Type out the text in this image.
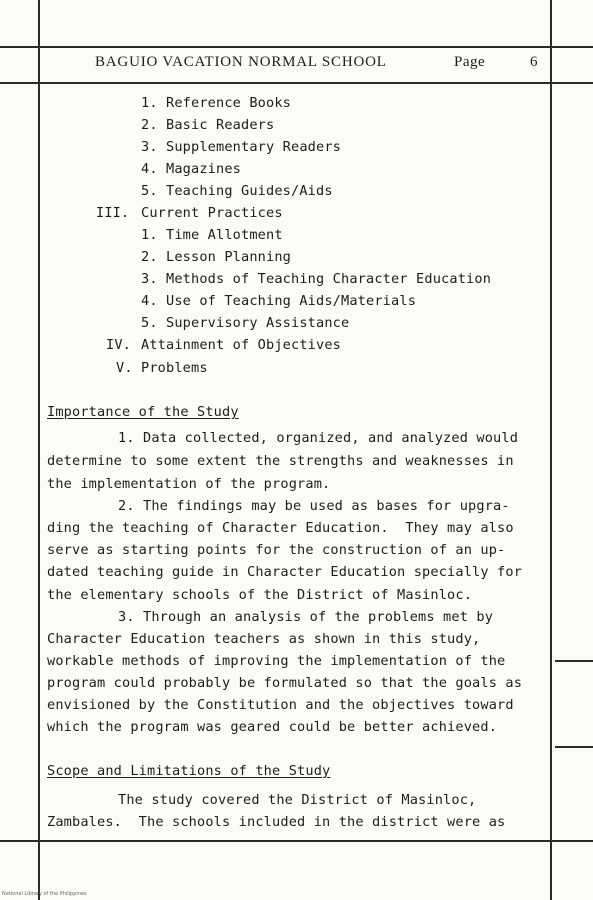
BAGUIO VACATION NORMAL SCHOOL	Page	6
1. Reference Books
2. Basic Readers
3. Supplementary Readers
4. Magazines
5. Teaching Guides/Aids
III. Current Practices
1. Time Allotment
2. Lesson Planning
3. Methods of Teaching Character Education
4. Use of Teaching Aids/Materials
5. Supervisory Assistance
IV. Attainment of Objectives
V. Problems
Importance of the Study
1. Data collected, organized, and analyzed would
determine to some extent the strengths and weaknesses in
the implementation of the program.
2. The findings may be used as bases for upgra-
ding the teaching of Character Education.  They may also
serve as starting points for the construction of an up-
dated teaching guide in Character Education specially for
the elementary schools of the District of Masinloc.
3. Through an analysis of the problems met by
Character Education teachers as shown in this study,
workable methods of improving the implementation of the
program could probably be formulated so that the goals as
envisioned by the Constitution and the objectives toward
which the program was geared could be better achieved.
Scope and Limitations of the Study
The study covered the District of Masinloc,
Zambales.  The schools included in the district were as
National Library of the Philippines
